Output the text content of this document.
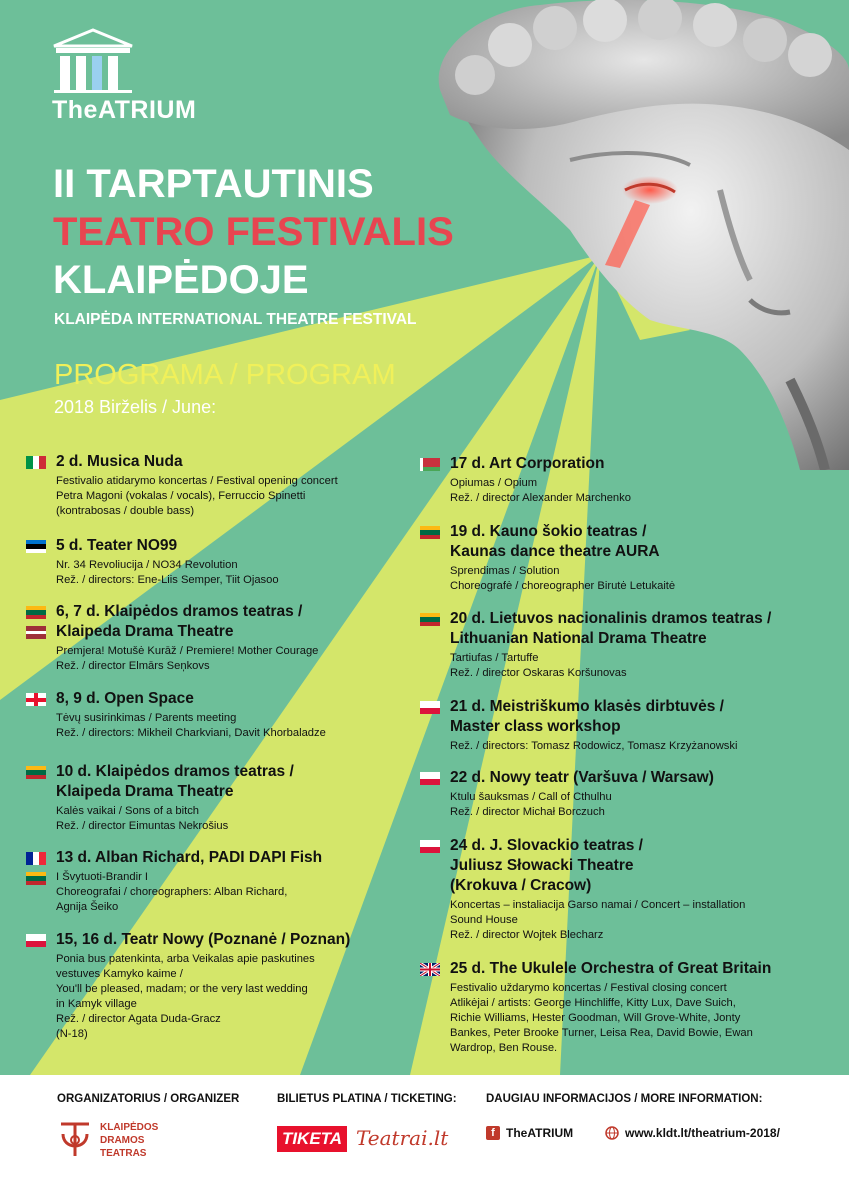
TheATRIUM
II TARPTAUTINIS
TEATRO FESTIVALIS
KLAIPĖDOJE
KLAIPĖDA INTERNATIONAL THEATRE FESTIVAL
PROGRAMA / PROGRAM
2018 Birželis / June:
2 d. Musica Nuda
Festivalio atidarymo koncertas / Festival opening concert
Petra Magoni (vokalas / vocals), Ferruccio Spinetti
(kontrabosas / double bass)
5 d. Teater NO99
Nr. 34 Revoliucija / NO34 Revolution
Rež. / directors: Ene-Liis Semper, Tiit Ojasoo
6, 7 d. Klaipėdos dramos teatras /
Klaipeda Drama Theatre
Premjera! Motušė Kurāž / Premiere! Mother Courage
Rež. / director Elmārs Seņkovs
8, 9 d. Open Space
Tėvų susirinkimas / Parents meeting
Rež. / directors: Mikheil Charkviani, Davit Khorbaladze
10 d. Klaipėdos dramos teatras /
Klaipeda Drama Theatre
Kalės vaikai / Sons of a bitch
Rež. / director Eimuntas Nekrošius
13 d. Alban Richard, PADI DAPI Fish
I Švytuoti-Brandir I
Choreografai / choreographers: Alban Richard,
Agnija Šeiko
15, 16 d. Teatr Nowy (Poznanė / Poznan)
Ponia bus patenkinta, arba Veikalas apie paskutines
vestuves Kamyko kaime /
You'll be pleased, madam; or the very last wedding
in Kamyk village
Rež. / director Agata Duda-Gracz
(N-18)
17 d. Art Corporation
Opiumas / Opium
Rež. / director Alexander Marchenko
19 d. Kauno šokio teatras /
Kaunas dance theatre AURA
Sprendimas / Solution
Choreografė / choreographer Birutė Letukaitė
20 d. Lietuvos nacionalinis dramos teatras /
Lithuanian National Drama Theatre
Tartiufas / Tartuffe
Rež. / director Oskaras Koršunovas
21 d. Meistriškumo klasės dirbtuvės /
Master class workshop
Rež. / directors: Tomasz Rodowicz, Tomasz Krzyżanowski
22 d. Nowy teatr (Varšuva / Warsaw)
Ktulu šauksmas / Call of Cthulhu
Rež. / director Michał Borczuch
24 d. J. Slovackio teatras /
Juliusz Słowacki Theatre
(Krokuva / Cracow)
Koncertas – instaliacija Garso namai / Concert – installation
Sound House
Rež. / director Wojtek Blecharz
25 d. The Ukulele Orchestra of Great Britain
Festivalio uždarymo koncertas / Festival closing concert
Atlikėjai / artists: George Hinchliffe, Kitty Lux, Dave Suich,
Richie Williams, Hester Goodman, Will Grove-White, Jonty
Bankes, Peter Brooke Turner, Leisa Rea, David Bowie, Ewan
Wardrop, Ben Rouse.
ORGANIZATORIUS / ORGANIZER	BILIETUS PLATINA / TICKETING:	DAUGIAU INFORMACIJOS / MORE INFORMATION:
KLAIPĖDOS
DRAMOS
TEATRAS
TIKETA Teatrai.lt	f TheATRIUM	www.kldt.lt/theatrium-2018/
